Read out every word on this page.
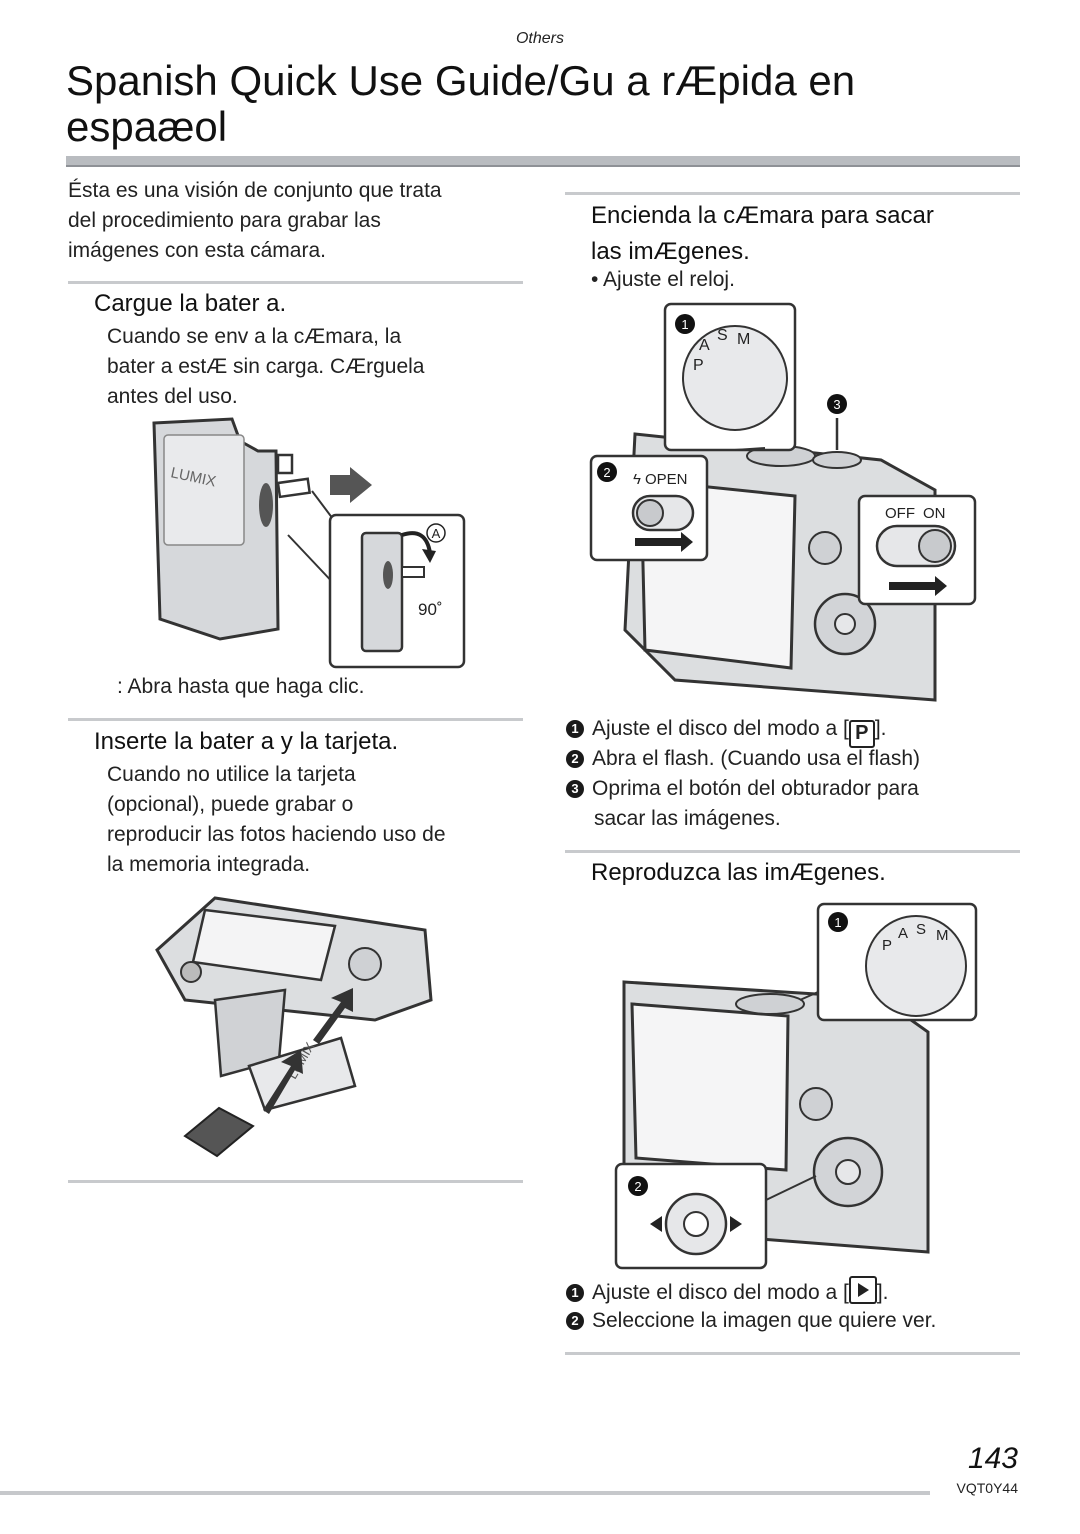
Others
Spanish Quick Use Guide/Gu a rÆpida en espaæol
Ésta es una visión de conjunto que trata
del procedimiento para grabar las
imágenes con esta cámara.
Cargue la bater a.
Cuando se env a la cÆmara, la
bater a estÆ sin carga. CÆrguela
antes del uso.
LUMIX
A
90˚
: Abra hasta que haga clic.
Inserte la bater a y la tarjeta.
Cuando no utilice la tarjeta
(opcional), puede grabar o
reproducir las fotos haciendo uso de
la memoria integrada.
Encienda la cÆmara para sacar
las imÆgenes.
• Ajuste el reloj.
S M
A
P
1
3
2 ϟ OPEN
OFF ON
1 Ajuste el disco del modo a [ P ].
2 Abra el flash. (Cuando usa el flash)
3 Oprima el botón del obturador para
sacar las imágenes.
Reproduzca las imÆgenes.
S M
A
P
1
2
1 Ajuste el disco del modo a [ ].
2 Seleccione la imagen que quiere ver.
143
VQT0Y44
